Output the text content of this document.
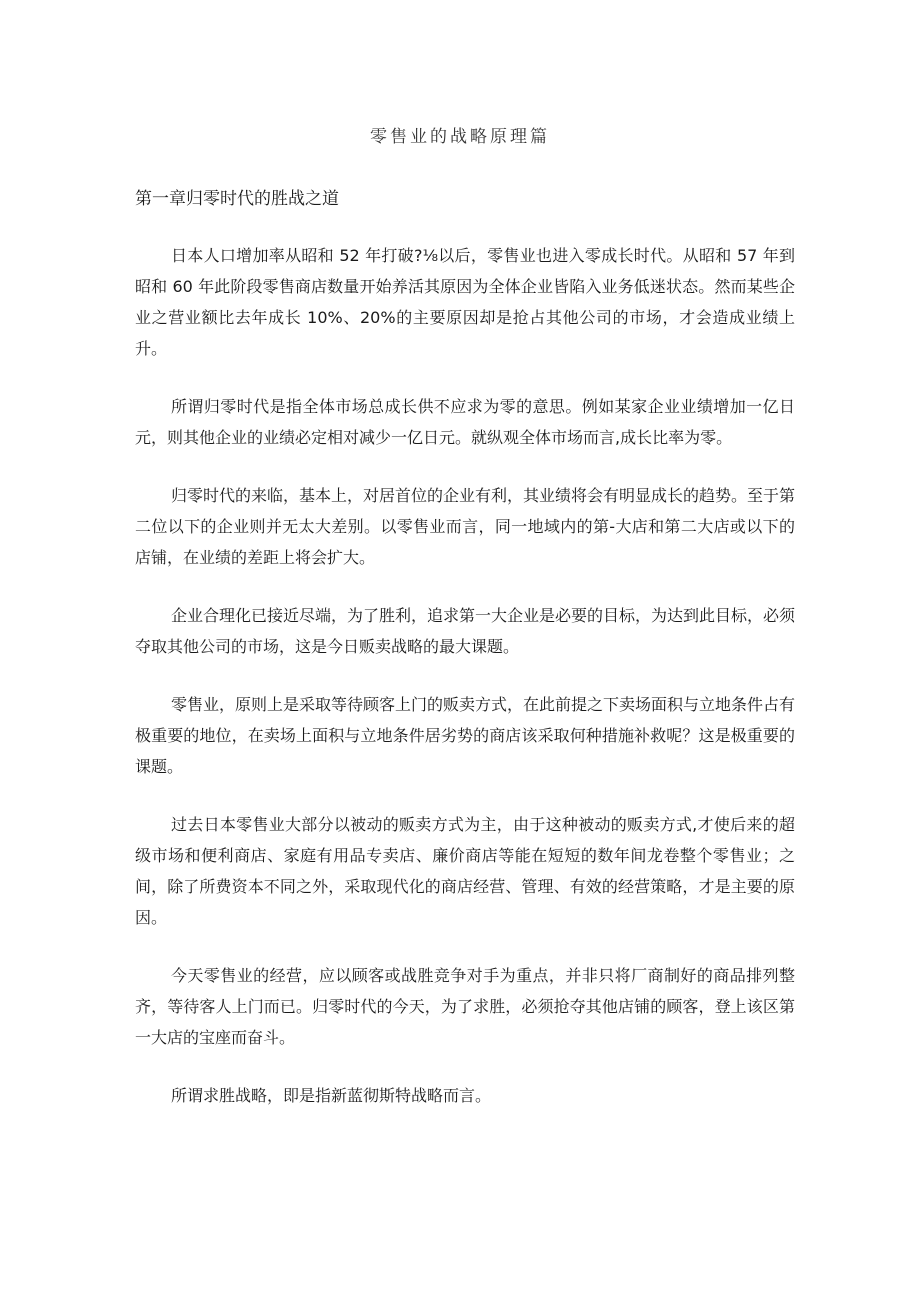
零售业的战略原理篇
第一章归零时代的胜战之道

日本人口增加率从昭和 52 年打破?⅛以后，零售业也进入零成长时代。从昭和 57 年到昭和 60 年此阶段零售商店数量开始养活其原因为全体企业皆陷入业务低迷状态。然而某些企业之营业额比去年成长 10%、20%的主要原因却是抢占其他公司的市场，才会造成业绩上升。

所谓归零时代是指全体市场总成长供不应求为零的意思。例如某家企业业绩增加一亿日元，则其他企业的业绩必定相对减少一亿日元。就纵观全体市场而言,成长比率为零。

归零时代的来临，基本上，对居首位的企业有利，其业绩将会有明显成长的趋势。至于第二位以下的企业则并无太大差别。以零售业而言，同一地域内的第-大店和第二大店或以下的店铺，在业绩的差距上将会扩大。

企业合理化已接近尽端，为了胜利，追求第一大企业是必要的目标，为达到此目标，必须夺取其他公司的市场，这是今日贩卖战略的最大课题。

零售业，原则上是采取等待顾客上门的贩卖方式，在此前提之下卖场面积与立地条件占有极重要的地位，在卖场上面积与立地条件居劣势的商店该采取何种措施补救呢？这是极重要的课题。

过去日本零售业大部分以被动的贩卖方式为主，由于这种被动的贩卖方式,才使后来的超级市场和便利商店、家庭有用品专卖店、廉价商店等能在短短的数年间龙卷整个零售业；之间，除了所费资本不同之外，采取现代化的商店经营、管理、有效的经营策略，才是主要的原因。

今天零售业的经营，应以顾客或战胜竞争对手为重点，并非只将厂商制好的商品排列整齐，等待客人上门而已。归零时代的今天，为了求胜，必须抢夺其他店铺的顾客，登上该区第一大店的宝座而奋斗。

所谓求胜战略，即是指新蓝彻斯特战略而言。
